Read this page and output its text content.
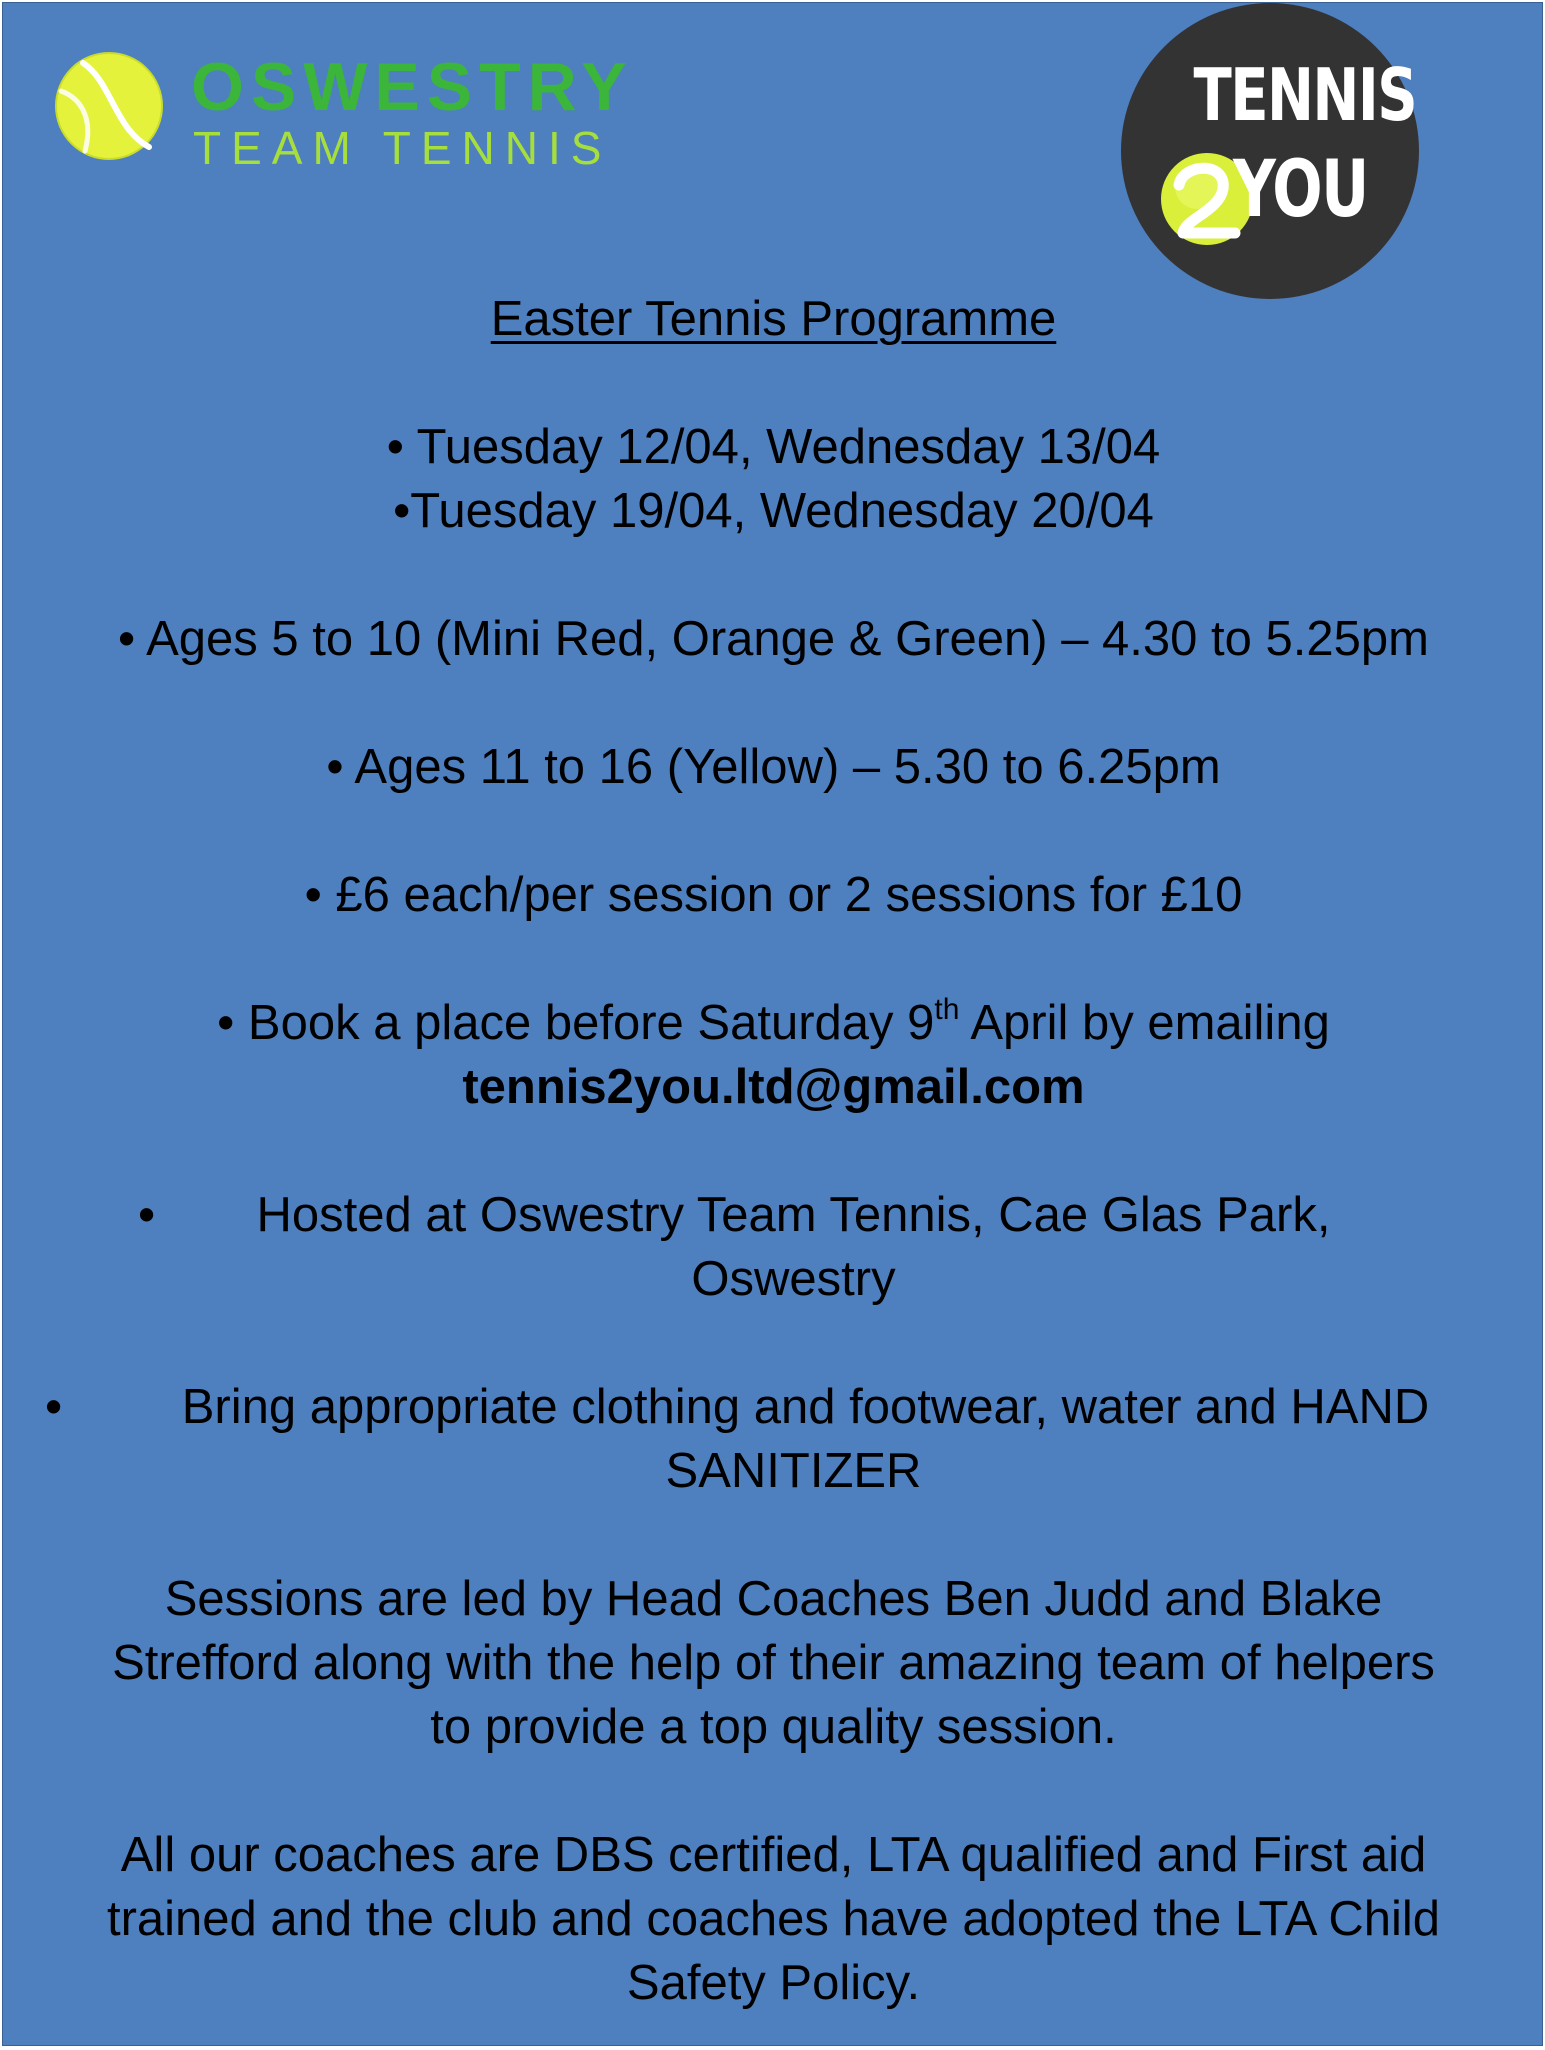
OSWESTRY
TEAM TENNIS
TENNIS
YOU
Easter Tennis Programme
• Tuesday 12/04, Wednesday 13/04
•Tuesday 19/04, Wednesday 20/04
• Ages 5 to 10 (Mini Red, Orange & Green) – 4.30 to 5.25pm
• Ages 11 to 16 (Yellow) – 5.30 to 6.25pm
• £6 each/per session or 2 sessions for £10
• Book a place before Saturday 9th April by emailing
tennis2you.ltd@gmail.com
• Hosted at Oswestry Team Tennis, Cae Glas Park,
Oswestry
• Bring appropriate clothing and footwear, water and HAND
SANITIZER
Sessions are led by Head Coaches Ben Judd and Blake
Strefford along with the help of their amazing team of helpers
to provide a top quality session.
All our coaches are DBS certified, LTA qualified and First aid
trained and the club and coaches have adopted the LTA Child
Safety Policy.
